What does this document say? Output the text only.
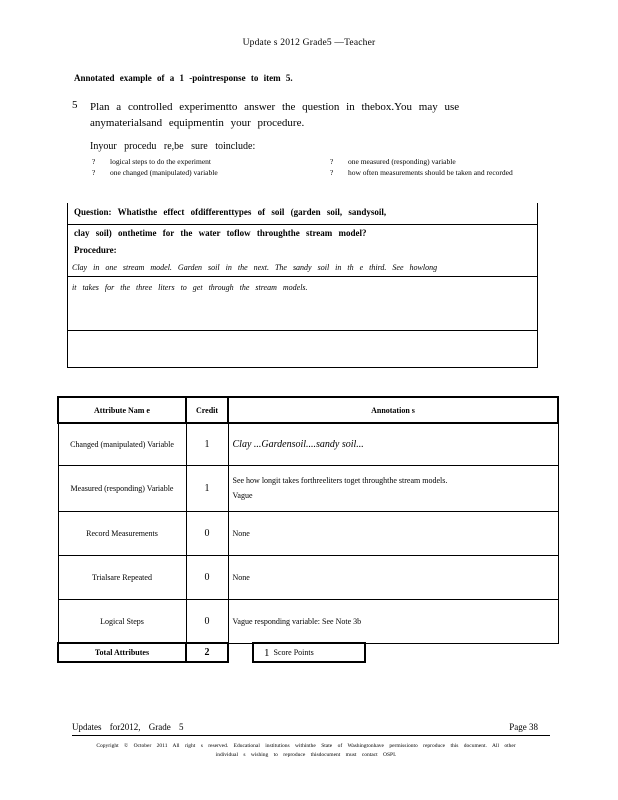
Update s 2012 Grade5 —Teacher
Annotated example of a 1 -pointresponse to item 5.
5 Plan a controlled experimentto answer the question in thebox.You may use anymaterialsand equipmentin your procedure.
Inyour procedu re,be sure toinclude:
?	logical steps to do the experiment
?	one changed (manipulated) variable
?	one measured (responding) variable
?	how often measurements should be taken and recorded
Question: Whatisthe effect ofdifferenttypes of soil (garden soil, sandysoil,
clay soil) onthetime for the water toflow throughthe stream model?
Procedure:
Clay in one stream model. Garden soil in the next. The sandy soil in th e third. See howlong
it takes for the three liters to get through the stream models.
Attribute Nam e	Credit	Annotation s
Changed (manipulated) Variable	1	Clay ...Gardensoil....sandy soil...
Measured (responding) Variable	1	See how longit takes forthreeliters toget throughthe stream models.
Vague

Record Measurements	0	None
Trialsare Repeated	0	None
Logical Steps	0	Vague responding variable: See Note 3b
Total Attributes	2	1 Score Points
Updates for2012, Grade 5	Page 38
Copyright © October 2011 All right s reserved. Educational institutions withinthe State of Washingtonhave permissionto reproduce this document. All other individual s wishing to reproduce thisdocument must contact OSPI.
